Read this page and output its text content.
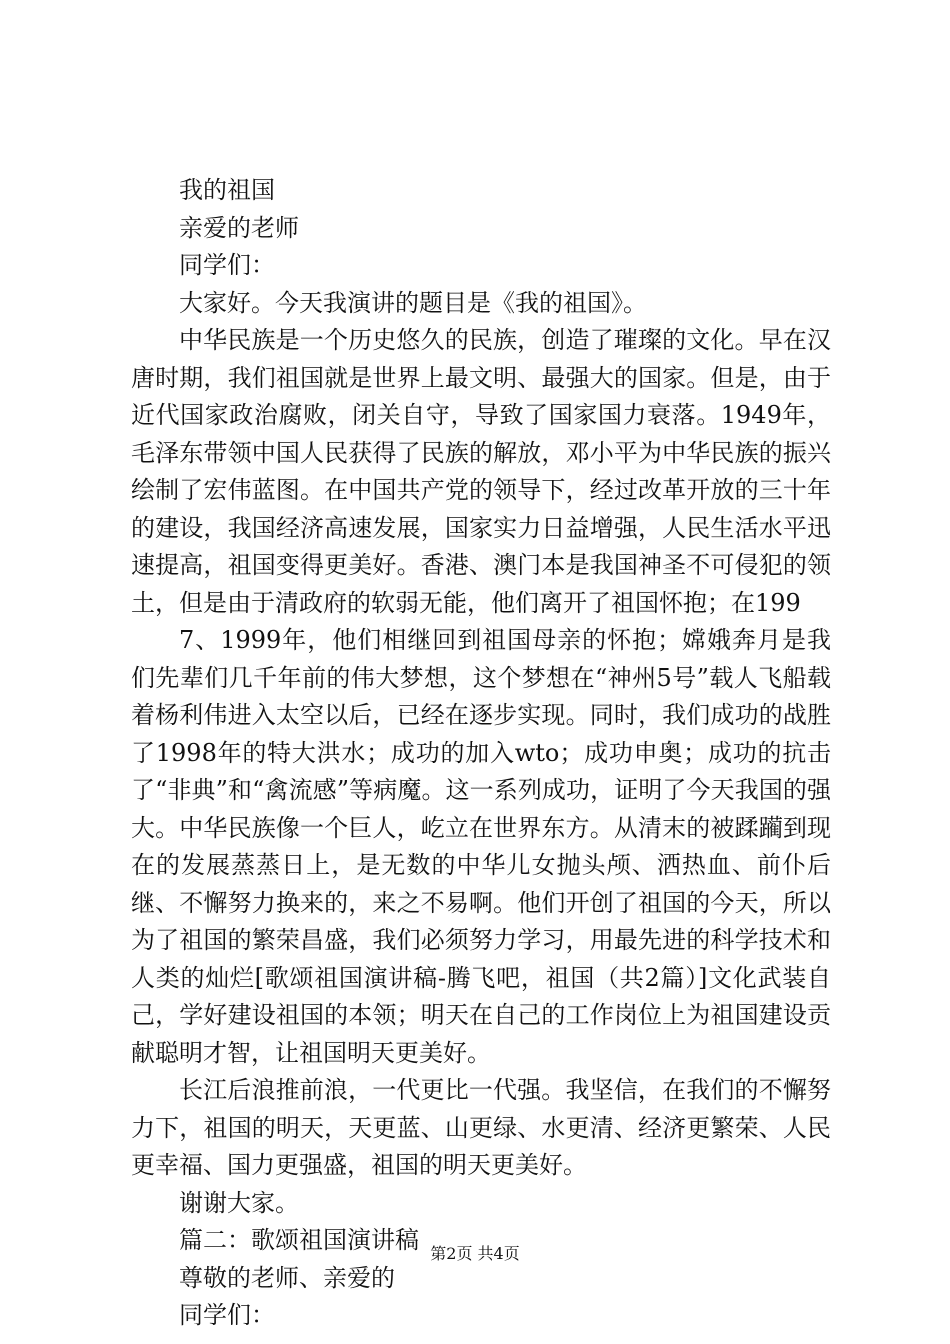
我的祖国

亲爱的老师

同学们：

大家好。今天我演讲的题目是《我的祖国》。

中华民族是一个历史悠久的民族，创造了璀璨的文化。早在汉唐时期，我们祖国就是世界上最文明、最强大的国家。但是，由于近代国家政治腐败，闭关自守，导致了国家国力衰落。1949年，毛泽东带领中国人民获得了民族的解放，邓小平为中华民族的振兴绘制了宏伟蓝图。在中国共产党的领导下，经过改革开放的三十年的建设，我国经济高速发展，国家实力日益增强，人民生活水平迅速提高，祖国变得更美好。香港、澳门本是我国神圣不可侵犯的领土，但是由于清政府的软弱无能，他们离开了祖国怀抱；在199

7、1999年，他们相继回到祖国母亲的怀抱；嫦娥奔月是我们先辈们几千年前的伟大梦想，这个梦想在“神州5号”载人飞船载着杨利伟进入太空以后，已经在逐步实现。同时，我们成功的战胜了1998年的特大洪水；成功的加入wto；成功申奥；成功的抗击了“非典”和“禽流感”等病魔。这一系列成功，证明了今天我国的强大。中华民族像一个巨人，屹立在世界东方。从清末的被蹂躏到现在的发展蒸蒸日上，是无数的中华儿女抛头颅、洒热血、前仆后继、不懈努力换来的，来之不易啊。他们开创了祖国的今天，所以为了祖国的繁荣昌盛，我们必须努力学习，用最先进的科学技术和人类的灿烂[歌颂祖国演讲稿-腾飞吧，祖国（共2篇）]文化武装自己，学好建设祖国的本领；明天在自己的工作岗位上为祖国建设贡献聪明才智，让祖国明天更美好。

长江后浪推前浪，一代更比一代强。我坚信，在我们的不懈努力下，祖国的明天，天更蓝、山更绿、水更清、经济更繁荣、人民更幸福、国力更强盛，祖国的明天更美好。

谢谢大家。

篇二：歌颂祖国演讲稿

尊敬的老师、亲爱的

同学们：

第2页 共4页
